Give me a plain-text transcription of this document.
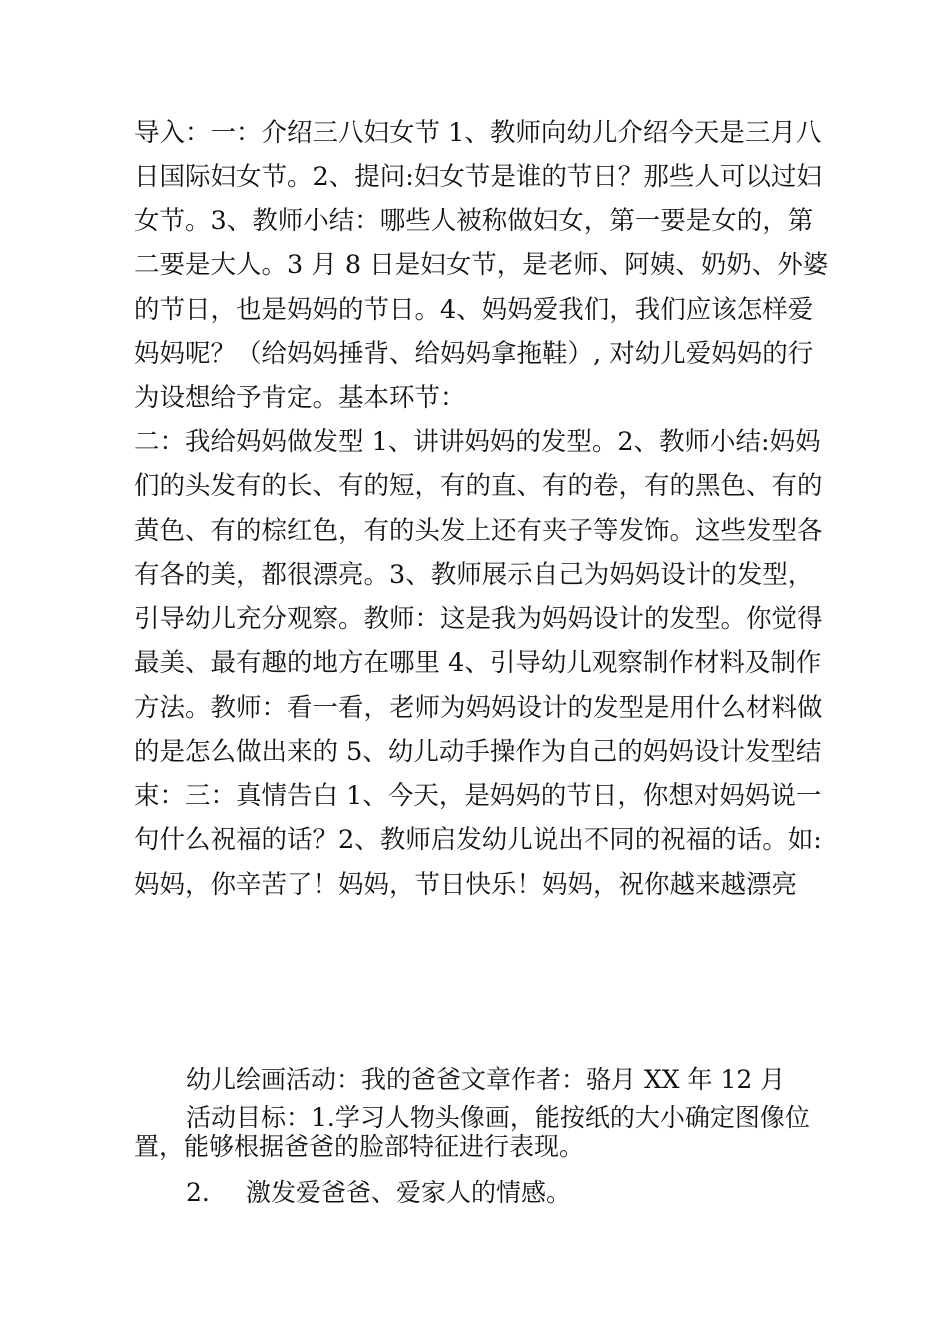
导入：一：介绍三八妇女节 1、教师向幼儿介绍今天是三月八
日国际妇女节。2、提问:妇女节是谁的节日？那些人可以过妇
女节。3、教师小结：哪些人被称做妇女，第一要是女的，第
二要是大人。3 月 8 日是妇女节，是老师、阿姨、奶奶、外婆
的节日，也是妈妈的节日。4、妈妈爱我们，我们应该怎样爱
妈妈呢？（给妈妈捶背、给妈妈拿拖鞋）, 对幼儿爱妈妈的行
为设想给予肯定。基本环节：
二：我给妈妈做发型 1、讲讲妈妈的发型。2、教师小结:妈妈
们的头发有的长、有的短，有的直、有的卷，有的黑色、有的
黄色、有的棕红色，有的头发上还有夹子等发饰。这些发型各
有各的美，都很漂亮。3、教师展示自己为妈妈设计的发型，
引导幼儿充分观察。教师：这是我为妈妈设计的发型。你觉得
最美、最有趣的地方在哪里 4、引导幼儿观察制作材料及制作
方法。教师：看一看，老师为妈妈设计的发型是用什么材料做
的是怎么做出来的 5、幼儿动手操作为自己的妈妈设计发型结
束：三：真情告白 1、今天，是妈妈的节日，你想对妈妈说一
句什么祝福的话？2、教师启发幼儿说出不同的祝福的话。如:
妈妈，你辛苦了！妈妈，节日快乐！妈妈，祝你越来越漂亮
幼儿绘画活动：我的爸爸文章作者：骆月 XX 年 12 月
活动目标：1.学习人物头像画，能按纸的大小确定图像位
置，能够根据爸爸的脸部特征进行表现。
2. 激发爱爸爸、爱家人的情感。
